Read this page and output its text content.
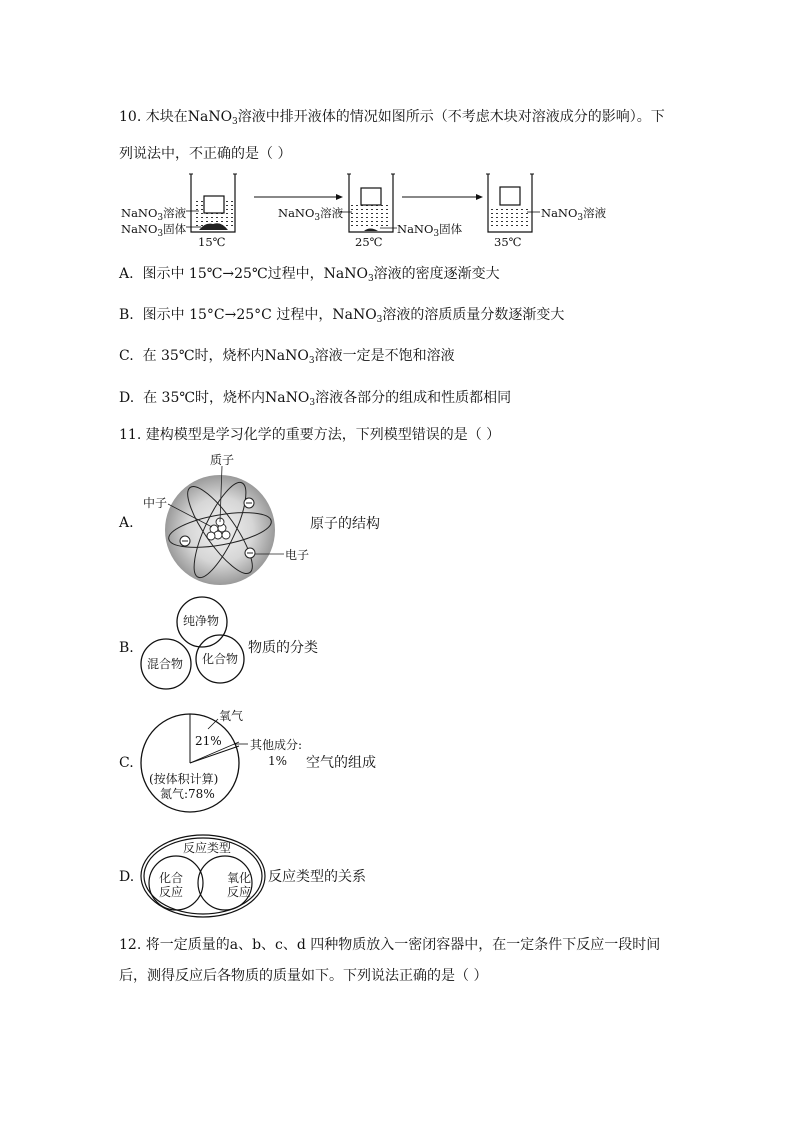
10. 木块在NaNO$_3$溶液中排开液体的情况如图所示（不考虑木块对溶液成分的影响）。下
列说法中，不正确的是（ ）
NaNO$_3$溶液
NaNO$_3$固体
15℃
NaNO$_3$溶液
NaNO$_3$固体
25℃
NaNO$_3$溶液
35℃
A. 图示中 15℃→25℃过程中，NaNO$_3$溶液的密度逐渐变大
B. 图示中 15°C→25°C 过程中，NaNO$_3$溶液的溶质质量分数逐渐变大
C. 在 35℃时，烧杯内NaNO$_3$溶液一定是不饱和溶液
D. 在 35℃时，烧杯内NaNO$_3$溶液各部分的组成和性质都相同
11. 建构模型是学习化学的重要方法，下列模型错误的是（ ）
A.
质子
中子
电子
原子的结构
B.
纯净物
混合物 化合物
物质的分类
C.
氧气
21% 其他成分:
1%
(按体积计算)
氮气:78%
空气的组成
D.
反应类型
化合
反应
氧化
反应
反应类型的关系
12. 将一定质量的a、b、c、d 四种物质放入一密闭容器中，在一定条件下反应一段时间
后，测得反应后各物质的质量如下。下列说法正确的是（ ）
